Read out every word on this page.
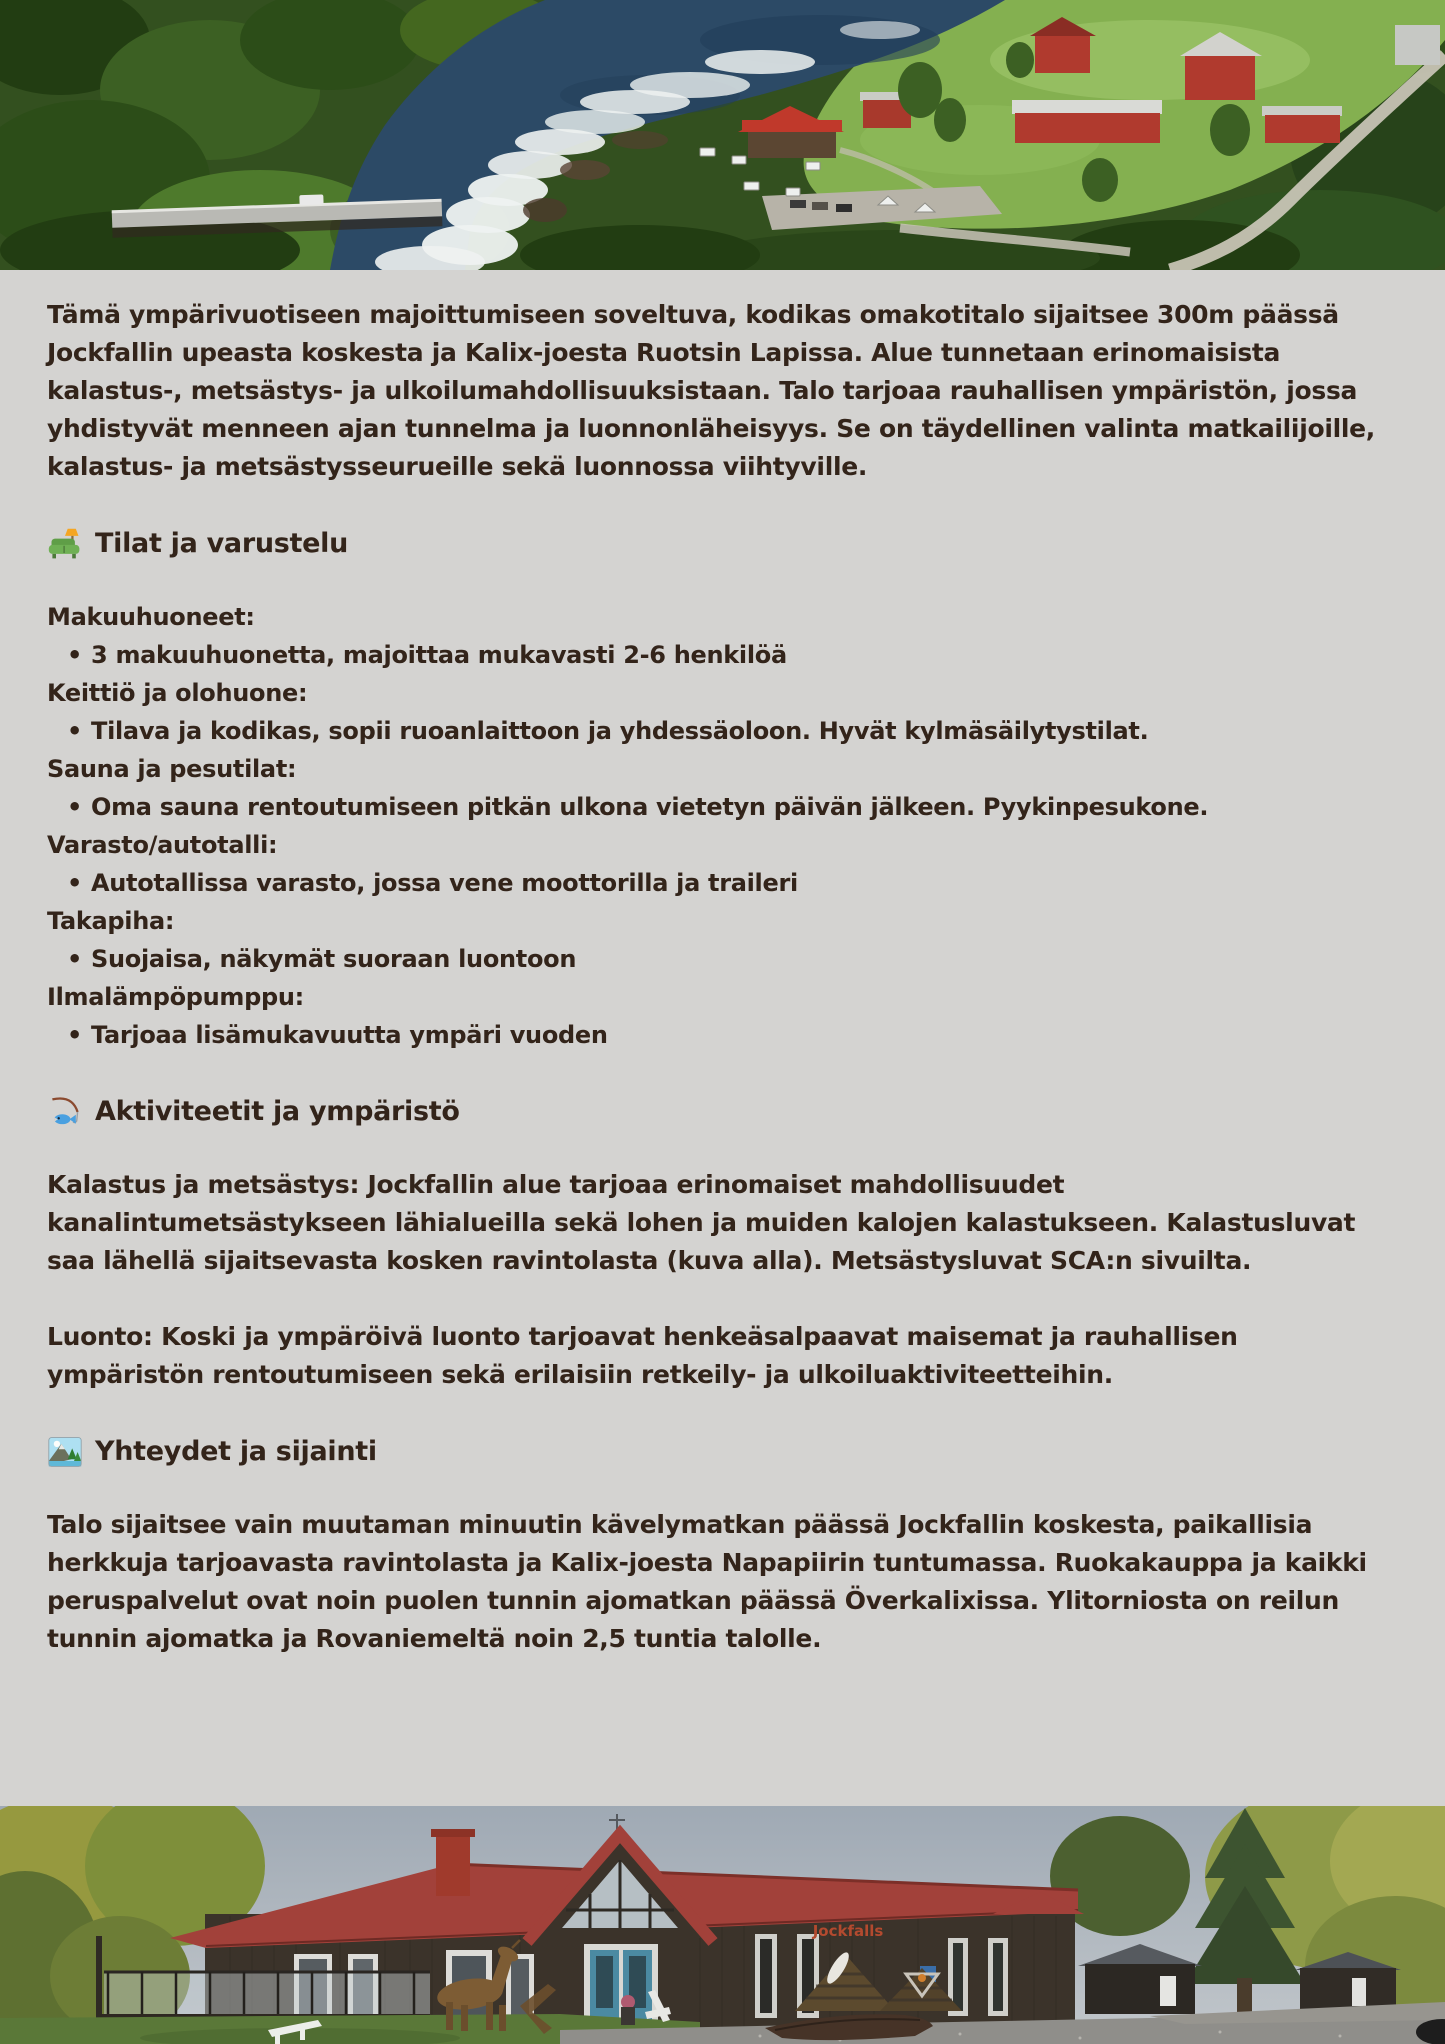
Tämä ympärivuotiseen majoittumiseen soveltuva, kodikas omakotitalo sijaitsee 300m päässä Jockfallin upeasta koskesta ja Kalix-joesta Ruotsin Lapissa. Alue tunnetaan erinomaisista kalastus-, metsästys- ja ulkoilumahdollisuuksistaan. Talo tarjoaa rauhallisen ympäristön, jossa yhdistyvät menneen ajan tunnelma ja luonnonläheisyys. Se on täydellinen valinta matkailijoille, kalastus- ja metsästysseurueille sekä luonnossa viihtyville.

Tilat ja varustelu
Makuuhuoneet:
• 3 makuuhuonetta, majoittaa mukavasti 2-6 henkilöä
Keittiö ja olohuone:
• Tilava ja kodikas, sopii ruoanlaittoon ja yhdessäoloon. Hyvät kylmäsäilytystilat.
Sauna ja pesutilat:
• Oma sauna rentoutumiseen pitkän ulkona vietetyn päivän jälkeen. Pyykinpesukone.
Varasto/autotalli:
• Autotallissa varasto, jossa vene moottorilla ja traileri
Takapiha:
• Suojaisa, näkymät suoraan luontoon
Ilmalämpöpumppu:
• Tarjoaa lisämukavuutta ympäri vuoden
Aktiviteetit ja ympäristö

Kalastus ja metsästys: Jockfallin alue tarjoaa erinomaiset mahdollisuudet kanalintumetsästykseen lähialueilla sekä lohen ja muiden kalojen kalastukseen. Kalastusluvat saa lähellä sijaitsevasta kosken ravintolasta (kuva alla). Metsästysluvat SCA:n sivuilta.

Luonto: Koski ja ympäröivä luonto tarjoavat henkeäsalpaavat maisemat ja rauhallisen ympäristön rentoutumiseen sekä erilaisiin retkeily- ja ulkoiluaktiviteetteihin.

Yhteydet ja sijainti

Talo sijaitsee vain muutaman minuutin kävelymatkan päässä Jockfallin koskesta, paikallisia herkkuja tarjoavasta ravintolasta ja Kalix-joesta Napapiirin tuntumassa. Ruokakauppa ja kaikki peruspalvelut ovat noin puolen tunnin ajomatkan päässä Överkalixissa. Ylitorniosta on reilun tunnin ajomatka ja Rovaniemeltä noin 2,5 tuntia talolle.

Jockfalls
